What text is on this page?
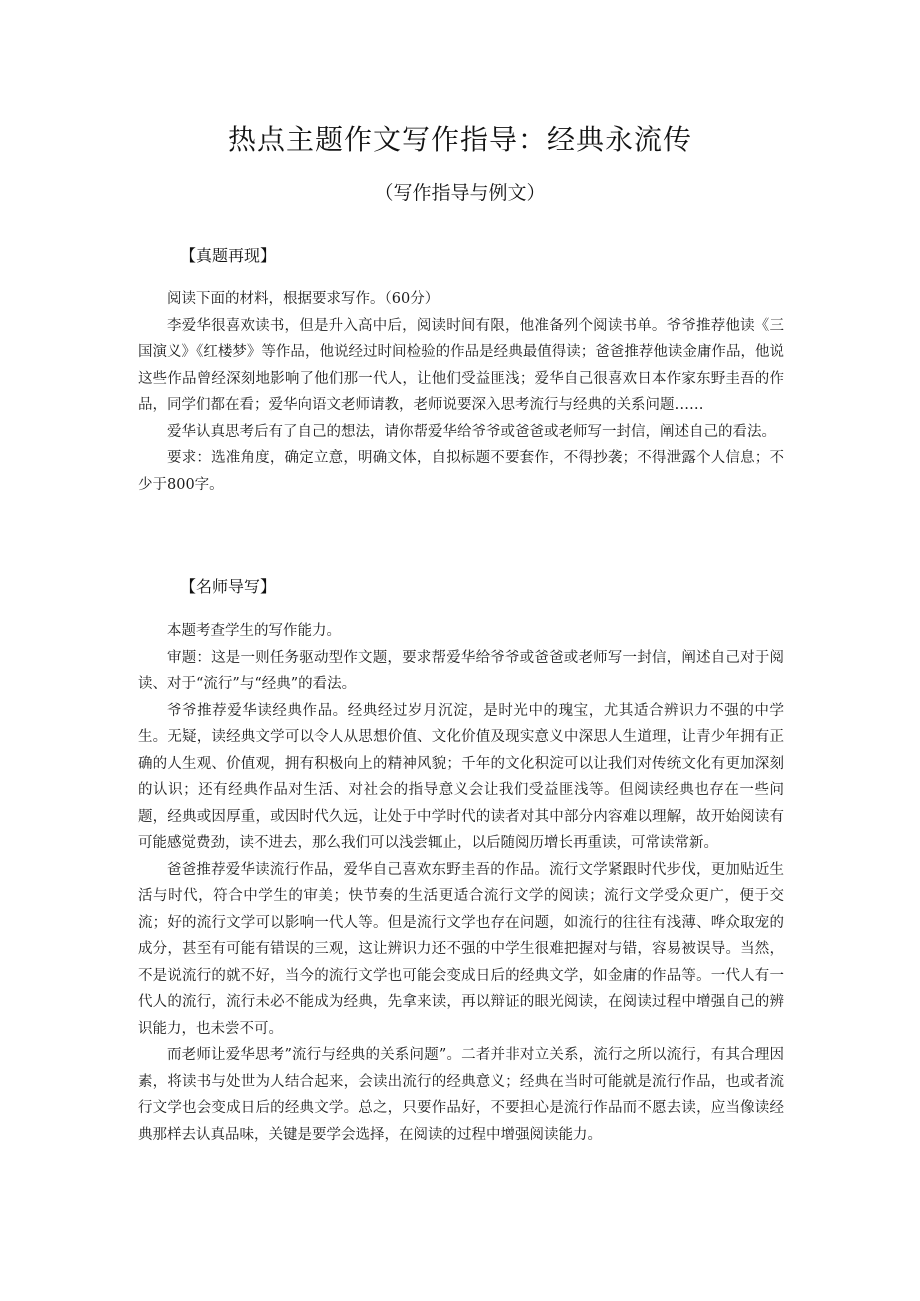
热点主题作文写作指导：经典永流传
（写作指导与例文）
【真题再现】

阅读下面的材料，根据要求写作。（60分）

李爱华很喜欢读书，但是升入高中后，阅读时间有限，他准备列个阅读书单。爷爷推荐他读《三国演义》《红楼梦》等作品，他说经过时间检验的作品是经典最值得读；爸爸推荐他读金庸作品，他说这些作品曾经深刻地影响了他们那一代人，让他们受益匪浅；爱华自己很喜欢日本作家东野圭吾的作品，同学们都在看；爱华向语文老师请教，老师说要深入思考流行与经典的关系问题……

爱华认真思考后有了自己的想法，请你帮爱华给爷爷或爸爸或老师写一封信，阐述自己的看法。

要求：选准角度，确定立意，明确文体，自拟标题不要套作，不得抄袭；不得泄露个人信息；不少于800字。

【名师导写】

本题考查学生的写作能力。

审题：这是一则任务驱动型作文题，要求帮爱华给爷爷或爸爸或老师写一封信，阐述自己对于阅读、对于“流行”与“经典”的看法。

爷爷推荐爱华读经典作品。经典经过岁月沉淀，是时光中的瑰宝，尤其适合辨识力不强的中学生。无疑，读经典文学可以令人从思想价值、文化价值及现实意义中深思人生道理，让青少年拥有正确的人生观、价值观，拥有积极向上的精神风貌；千年的文化积淀可以让我们对传统文化有更加深刻的认识；还有经典作品对生活、对社会的指导意义会让我们受益匪浅等。但阅读经典也存在一些问题，经典或因厚重，或因时代久远，让处于中学时代的读者对其中部分内容难以理解，故开始阅读有可能感觉费劲，读不进去，那么我们可以浅尝辄止，以后随阅历增长再重读，可常读常新。

爸爸推荐爱华读流行作品，爱华自己喜欢东野圭吾的作品。流行文学紧跟时代步伐，更加贴近生活与时代，符合中学生的审美；快节奏的生活更适合流行文学的阅读；流行文学受众更广，便于交流；好的流行文学可以影响一代人等。但是流行文学也存在问题，如流行的往往有浅薄、哗众取宠的成分，甚至有可能有错误的三观，这让辨识力还不强的中学生很难把握对与错，容易被误导。当然，不是说流行的就不好，当今的流行文学也可能会变成日后的经典文学，如金庸的作品等。一代人有一代人的流行，流行未必不能成为经典，先拿来读，再以辩证的眼光阅读，在阅读过程中增强自己的辨识能力，也未尝不可。

而老师让爱华思考”流行与经典的关系问题”。二者并非对立关系，流行之所以流行，有其合理因素，将读书与处世为人结合起来，会读出流行的经典意义；经典在当时可能就是流行作品，也或者流行文学也会变成日后的经典文学。总之，只要作品好，不要担心是流行作品而不愿去读，应当像读经典那样去认真品味，关键是要学会选择，在阅读的过程中增强阅读能力。
